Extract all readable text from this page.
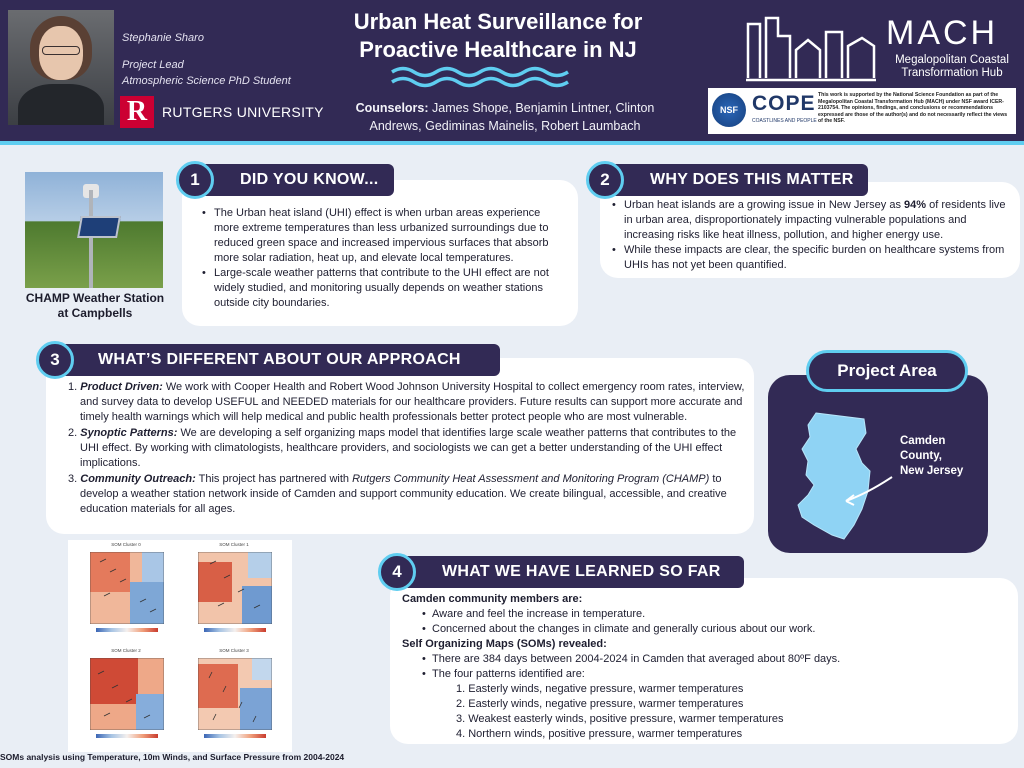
Stephanie Sharo
Project Lead
Atmospheric Science PhD Student
R	RUTGERS UNIVERSITY
Urban Heat Surveillance for
Proactive Healthcare in NJ
Counselors: James Shope, Benjamin Lintner, Clinton Andrews, Gediminas Mainelis, Robert Laumbach
MACH
Megalopolitan Coastal Transformation Hub
NSF COPE
COASTLINES AND PEOPLE
This work is supported by the National Science Foundation as part of the Megalopolitan Coastal Transformation Hub (MACH) under NSF award ICER-2103754. The opinions, findings, and conclusions or recommendations expressed are those of the author(s) and do not necessarily reflect the views of the NSF.
CHAMP Weather Station at Campbells
• The Urban heat island (UHI) effect is when urban areas experience more extreme temperatures than less urbanized surroundings due to reduced green space and increased impervious surfaces that absorb more solar radiation, heat up, and elevate local temperatures.
• Large-scale weather patterns that contribute to the UHI effect are not widely studied, and monitoring usually depends on weather stations outside city boundaries.
DID YOU KNOW...
1
• Urban heat islands are a growing issue in New Jersey as 94% of residents live in urban area, disproportionately impacting vulnerable populations and increasing risks like heat illness, pollution, and higher energy use.
• While these impacts are clear, the specific burden on healthcare systems from UHIs has not yet been quantified.
WHY DOES THIS MATTER
2

1. Product Driven: We work with Cooper Health and Robert Wood Johnson University Hospital to collect emergency room rates, interview, and survey data to develop USEFUL and NEEDED materials for our healthcare providers. Future results can support more accurate and timely health warnings which will help medical and public health professionals better protect people who are most vulnerable.

2. Synoptic Patterns: We are developing a self organizing maps model that identifies large scale weather patterns that contributes to the UHI effect. By working with climatologists, healthcare providers, and sociologists we can get a better understanding of the UHI effect implications.

3. Community Outreach: This project has partnered with Rutgers Community Heat Assessment and Monitoring Program (CHAMP) to develop a weather station network inside of Camden and support community education. We create bilingual, accessible, and creative education materials for all ages.

WHAT’S DIFFERENT ABOUT OUR APPROACH
3
Project Area
Camden
County,
New Jersey
SOM Cluster 0	SOM Cluster 1
SOM Cluster 2	SOM Cluster 3
SOMs analysis using Temperature, 10m Winds, and Surface Pressure from 2004-2024
Camden community members are:
• Aware and feel the increase in temperature.
• Concerned about the changes in climate and generally curious about our work.
Self Organizing Maps (SOMs) revealed:
• There are 384 days between 2004-2024 in Camden that averaged about 80ºF days.
• The four patterns identified are:
1. Easterly winds, negative pressure, warmer temperatures
2. Easterly winds, negative pressure, warmer temperatures
3. Weakest easterly winds, positive pressure, warmer temperatures
4. Northern winds, positive pressure, warmer temperatures
WHAT WE HAVE LEARNED SO FAR
4
